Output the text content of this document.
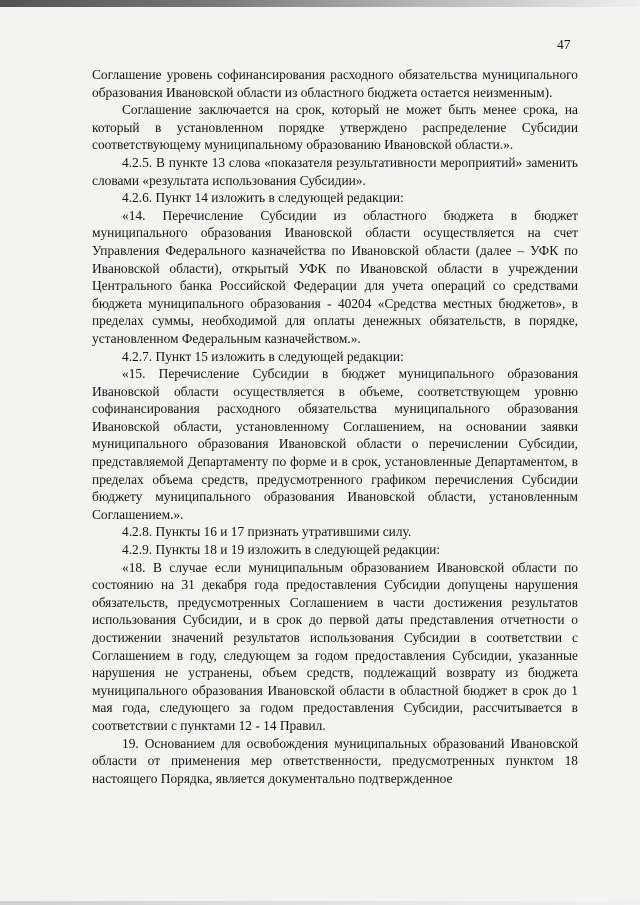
47

Соглашение уровень софинансирования расходного обязательства муниципального образования Ивановской области из областного бюджета остается неизменным).

Соглашение заключается на срок, который не может быть менее срока, на который в установленном порядке утверждено распределение Субсидии соответствующему муниципальному образованию Ивановской области.».

4.2.5. В пункте 13 слова «показателя результативности мероприятий» заменить словами «результата использования Субсидии».

4.2.6. Пункт 14 изложить в следующей редакции:

«14. Перечисление Субсидии из областного бюджета в бюджет муниципального образования Ивановской области осуществляется на счет Управления Федерального казначейства по Ивановской области (далее – УФК по Ивановской области), открытый УФК по Ивановской области в учреждении Центрального банка Российской Федерации для учета операций со средствами бюджета муниципального образования - 40204 «Средства местных бюджетов», в пределах суммы, необходимой для оплаты денежных обязательств, в порядке, установленном Федеральным казначейством.».

4.2.7. Пункт 15 изложить в следующей редакции:

«15. Перечисление Субсидии в бюджет муниципального образования Ивановской области осуществляется в объеме, соответствующем уровню софинансирования расходного обязательства муниципального образования Ивановской области, установленному Соглашением, на основании заявки муниципального образования Ивановской области о перечислении Субсидии, представляемой Департаменту по форме и в срок, установленные Департаментом, в пределах объема средств, предусмотренного графиком перечисления Субсидии бюджету муниципального образования Ивановской области, установленным Соглашением.».

4.2.8. Пункты 16 и 17 признать утратившими силу.

4.2.9. Пункты 18 и 19 изложить в следующей редакции:

«18. В случае если муниципальным образованием Ивановской области по состоянию на 31 декабря года предоставления Субсидии допущены нарушения обязательств, предусмотренных Соглашением в части достижения результатов использования Субсидии, и в срок до первой даты представления отчетности о достижении значений результатов использования Субсидии в соответствии с Соглашением в году, следующем за годом предоставления Субсидии, указанные нарушения не устранены, объем средств, подлежащий возврату из бюджета муниципального образования Ивановской области в областной бюджет в срок до 1 мая года, следующего за годом предоставления Субсидии, рассчитывается в соответствии с пунктами 12 - 14 Правил.

19. Основанием для освобождения муниципальных образований Ивановской области от применения мер ответственности, предусмотренных пунктом 18 настоящего Порядка, является документально подтвержденное
